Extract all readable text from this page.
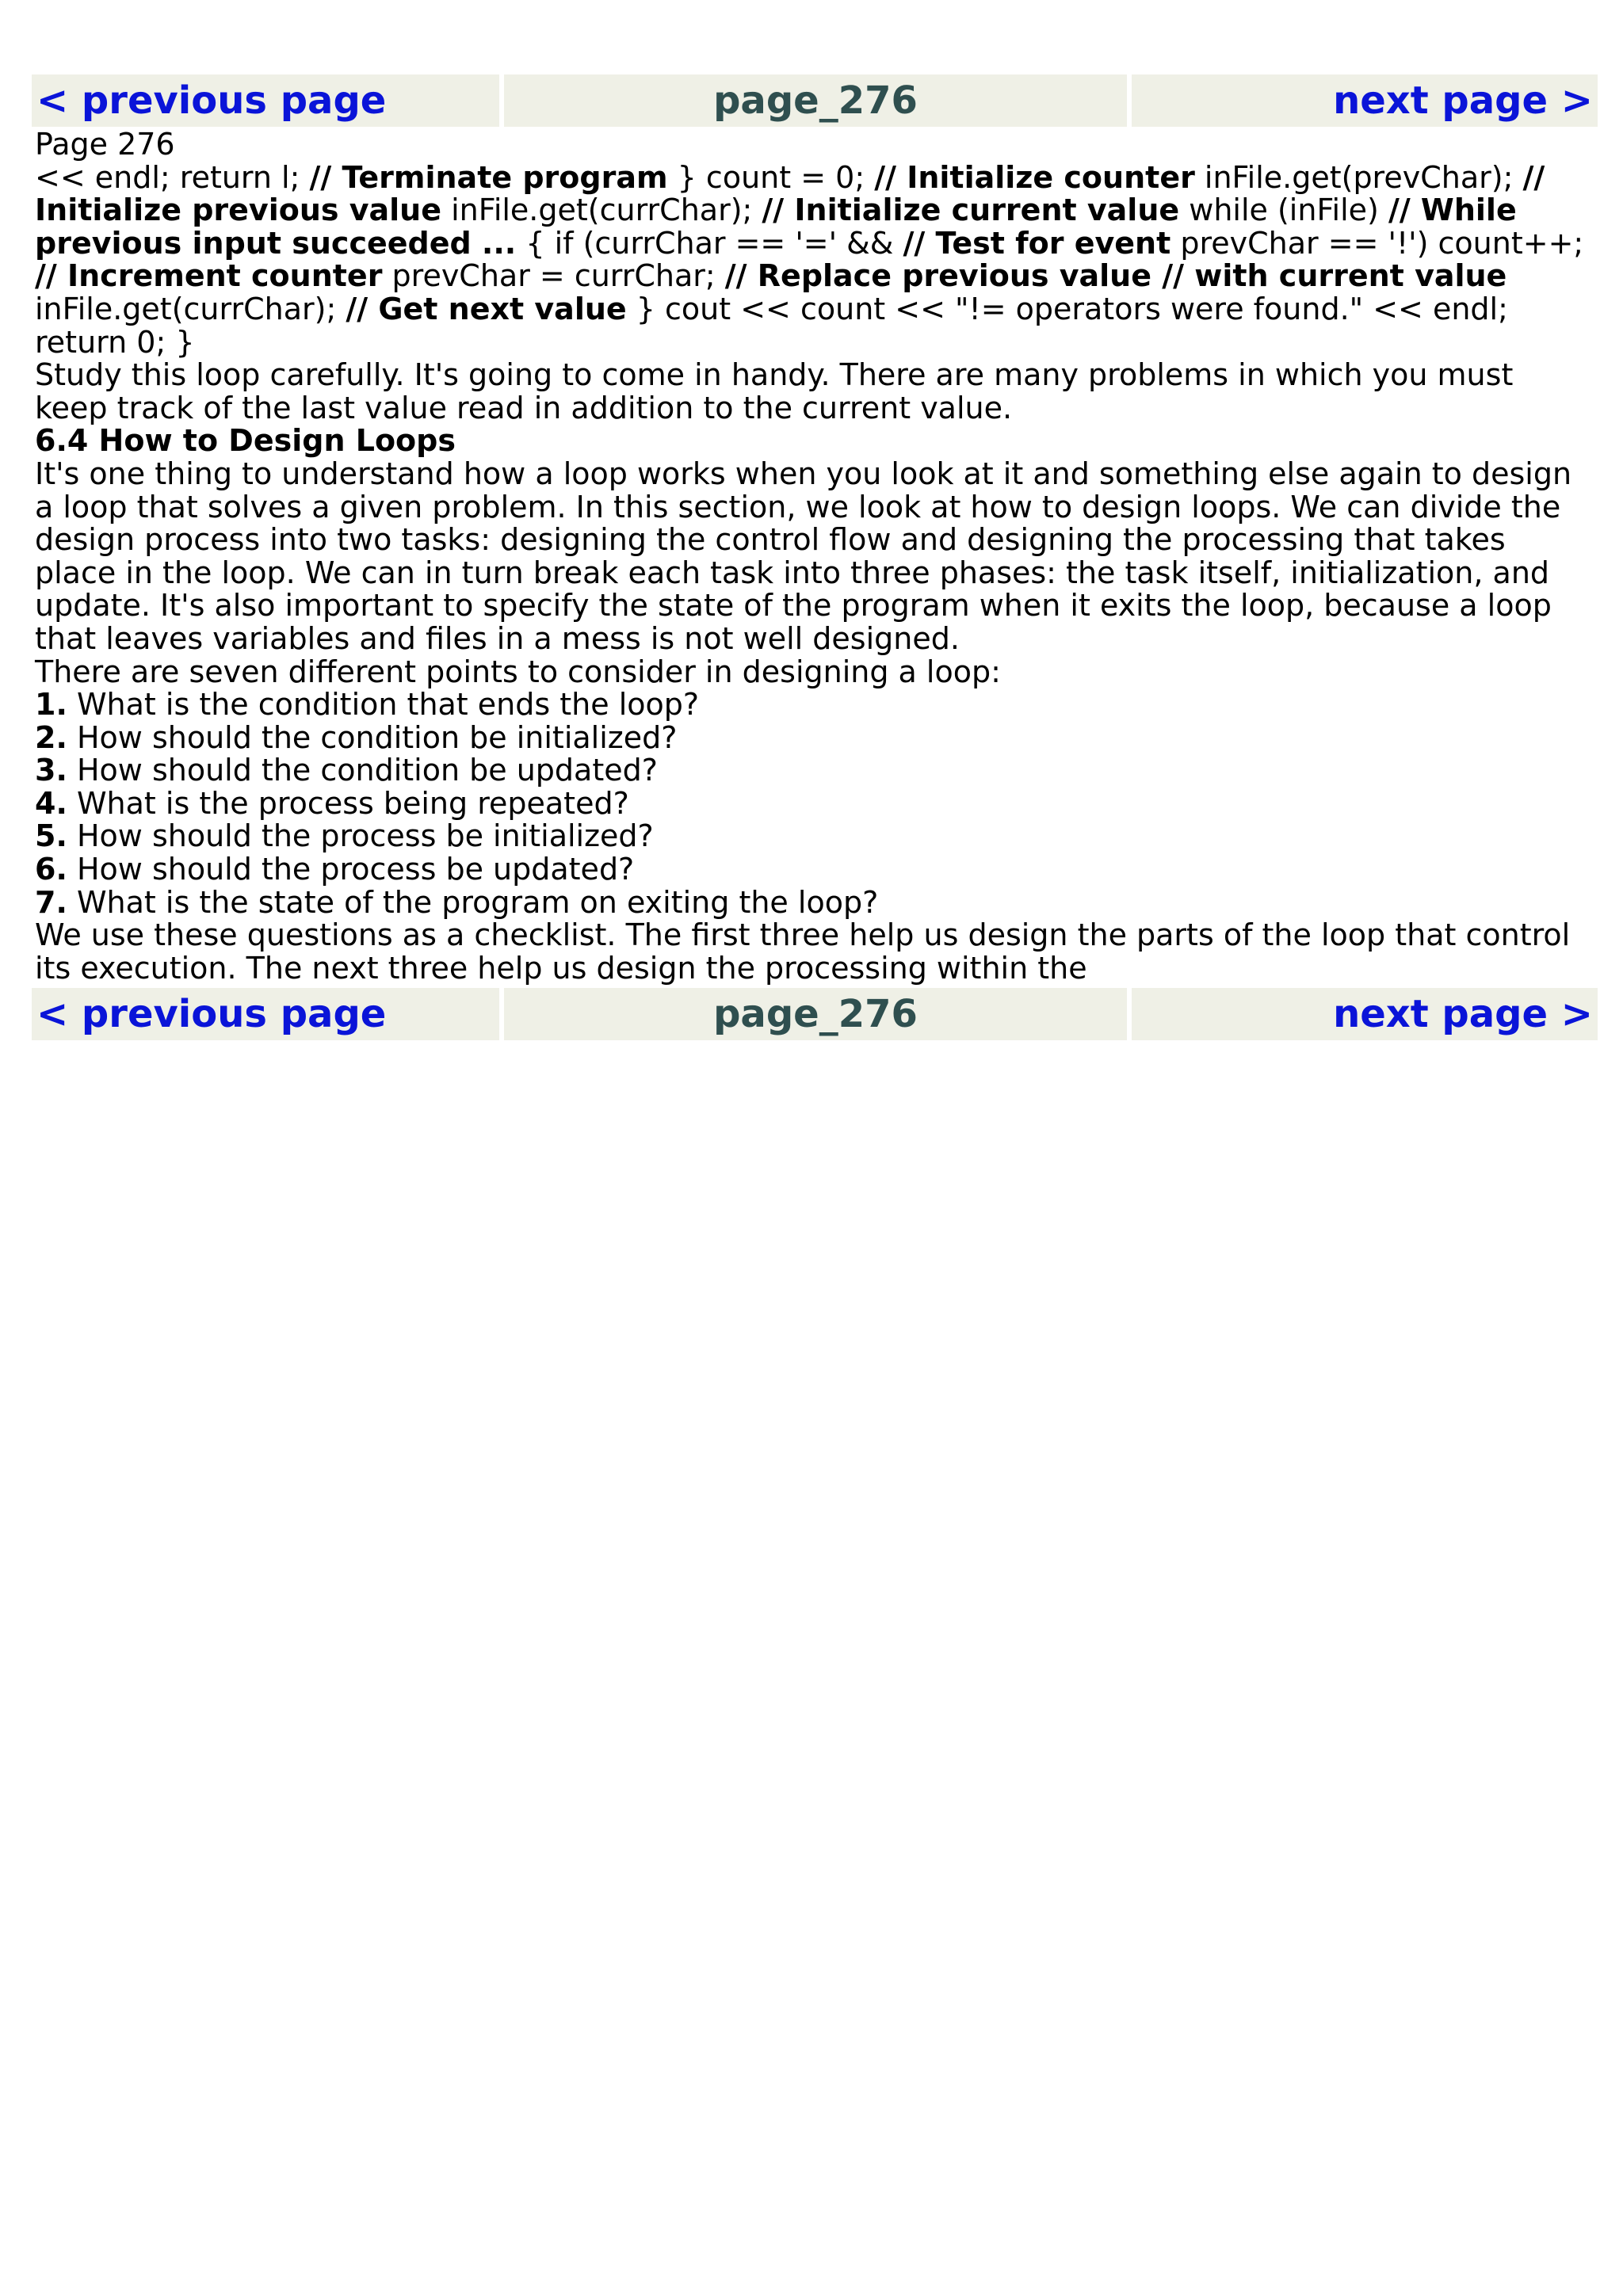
< previous page	page_276	next page >

Page 276

<< endl; return l; // Terminate program } count = 0; // Initialize counter inFile.get(prevChar); // Initialize previous value inFile.get(currChar); // Initialize current value while (inFile) // While previous input succeeded ... { if (currChar == '=' && // Test for event prevChar == '!') count++; // Increment counter prevChar = currChar; // Replace previous value // with current value inFile.get(currChar); // Get next value } cout << count << "!= operators were found." << endl; return 0; }

Study this loop carefully. It's going to come in handy. There are many problems in which you must keep track of the last value read in addition to the current value.

6.4 How to Design Loops

It's one thing to understand how a loop works when you look at it and something else again to design a loop that solves a given problem. In this section, we look at how to design loops. We can divide the design process into two tasks: designing the control flow and designing the processing that takes place in the loop. We can in turn break each task into three phases: the task itself, initialization, and update. It's also important to specify the state of the program when it exits the loop, because a loop that leaves variables and files in a mess is not well designed.

There are seven different points to consider in designing a loop:

1. What is the condition that ends the loop?

2. How should the condition be initialized?

3. How should the condition be updated?

4. What is the process being repeated?

5. How should the process be initialized?

6. How should the process be updated?

7. What is the state of the program on exiting the loop?

We use these questions as a checklist. The first three help us design the parts of the loop that control its execution. The next three help us design the processing within the

< previous page	page_276	next page >
